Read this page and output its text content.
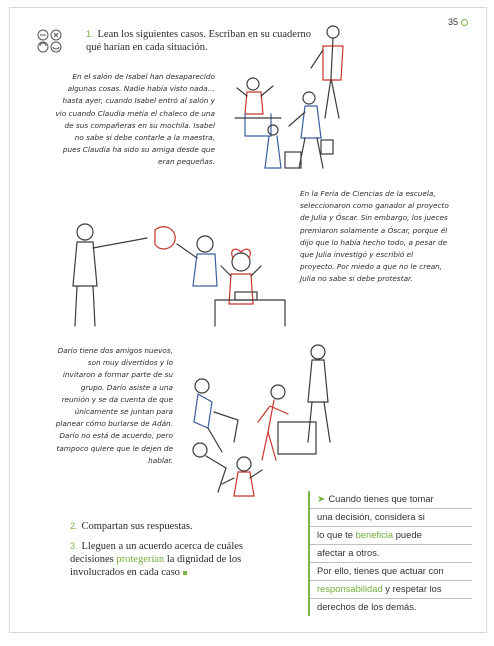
35
1. Lean los siguientes casos. Escriban en su cuaderno qué harían en cada situación.
En el salón de Isabel han desaparecido algunas cosas. Nadie había visto nada… hasta ayer, cuando Isabel entró al salón y vio cuando Claudia metía el chaleco de una de sus compañeras en su mochila. Isabel no sabe si debe contarle a la maestra, pues Claudia ha sido su amiga desde que eran pequeñas.
En la Feria de Ciencias de la escuela, seleccionaron como ganador al proyecto de Julia y Óscar. Sin embargo, los jueces premiaron solamente a Óscar, porque él dijo que lo había hecho todo, a pesar de que Julia investigó y escribió el proyecto. Por miedo a que no le crean, Julia no sabe si debe protestar.
Darío tiene dos amigos nuevos, son muy divertidos y lo invitaron a formar parte de su grupo. Darío asiste a una reunión y se da cuenta de que únicamente se juntan para planear cómo burlarse de Adán. Darío no está de acuerdo, pero tampoco quiere que le dejen de hablar.
2. Compartan sus respuestas.
3. Lleguen a un acuerdo acerca de cuáles decisiones protegerían la dignidad de los involucrados en cada caso
➤ Cuando tienes que tomar
una decisión, considera si
lo que te beneficia puede
afectar a otros.
Por ello, tienes que actuar con
responsabilidad y respetar los
derechos de los demás.
